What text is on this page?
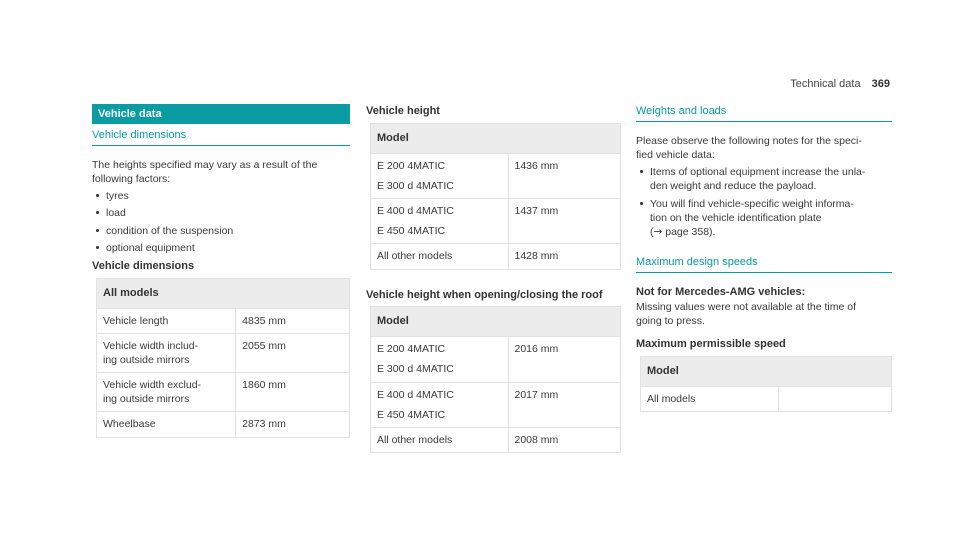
Technical data 369
Vehicle data
Vehicle dimensions

The heights specified may vary as a result of the following factors:

tyres
load
condition of the suspension
optional equipment
Vehicle dimensions
All models	
Vehicle length	4835 mm

Vehicle width includ-
ing outside mirrors	2055 mm

Vehicle width exclud-
ing outside mirrors	1860 mm
Wheelbase	2873 mm
Vehicle height
Model	

E 200 4MATIC
E 300 d 4MATIC	1436 mm

E 400 d 4MATIC
E 450 4MATIC	1437 mm
All other models	1428 mm
Vehicle height when opening/closing the roof
Model	

E 200 4MATIC
E 300 d 4MATIC	2016 mm

E 400 d 4MATIC
E 450 4MATIC	2017 mm
All other models	2008 mm
Weights and loads

Please observe the following notes for the speci-
fied vehicle data:

Items of optional equipment increase the unla-
den weight and reduce the payload.
You will find vehicle-specific weight informa-
tion on the vehicle identification plate
(→ page 358).
Maximum design speeds
Not for Mercedes-AMG vehicles:

Missing values were not available at the time of
going to press.

Maximum permissible speed
Model
All models	
